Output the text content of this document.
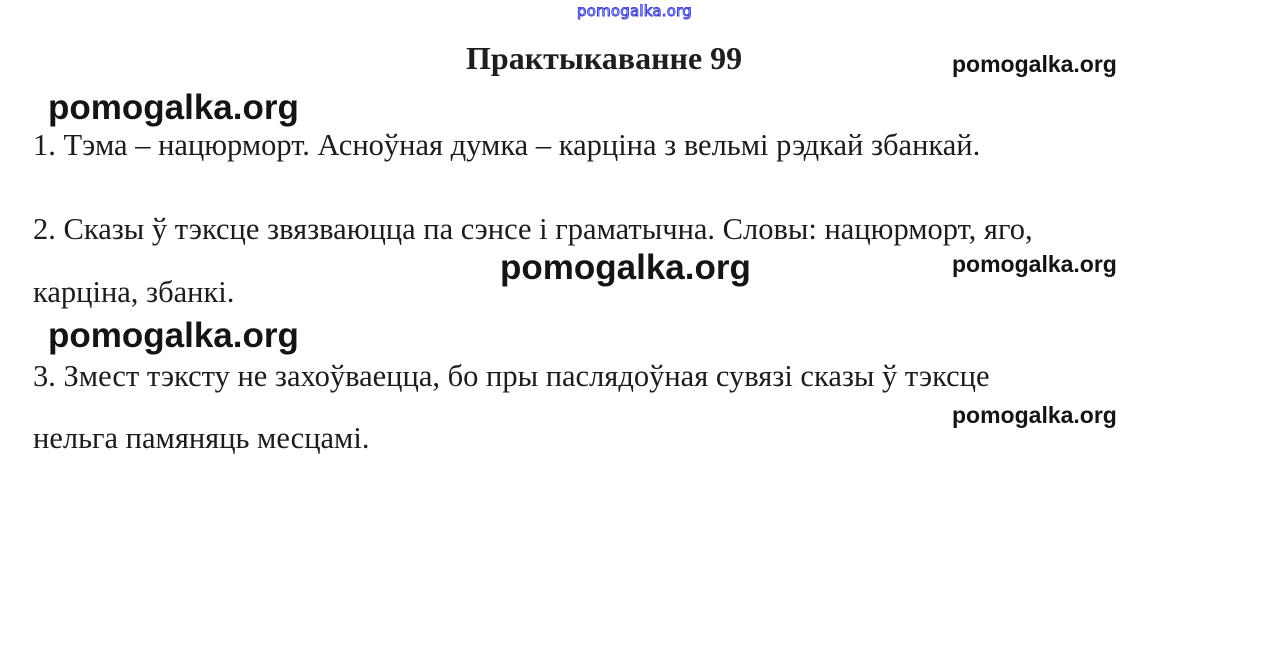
pomogalka.org
Практыкаванне 99	pomogalka.org
pomogalka.org
1. Тэма – нацюрморт. Асноўная думка – карціна з вельмі рэдкай збанкай.
2. Сказы ў тэксце звязваюцца па сэнсе і граматычна. Словы: нацюрморт, яго,
pomogalka.org	pomogalka.org
карціна, збанкі.
pomogalka.org
3. Змест тэксту не захоўваецца, бо пры паслядоўная сувязі сказы ў тэксце
pomogalka.org
нельга памяняць месцамі.
